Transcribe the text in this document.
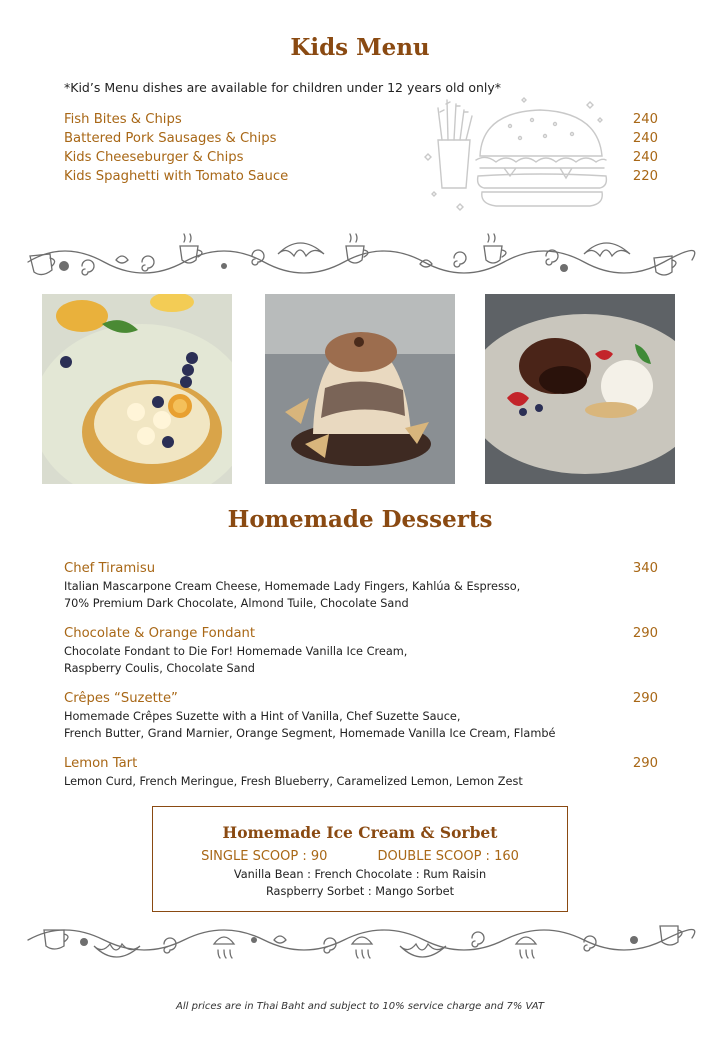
Kids Menu
*Kid’s Menu dishes are available for children under 12 years old only*
Fish Bites & Chips	240
Battered Pork Sausages & Chips	240
Kids Cheeseburger & Chips	240
Kids Spaghetti with Tomato Sauce	220
Homemade Desserts
Chef Tiramisu	340
Italian Mascarpone Cream Cheese, Homemade Lady Fingers, Kahlúa & Espresso,
70% Premium Dark Chocolate, Almond Tuile, Chocolate Sand
Chocolate & Orange Fondant	290
Chocolate Fondant to Die For! Homemade Vanilla Ice Cream,
Raspberry Coulis, Chocolate Sand
Crêpes “Suzette”	290
Homemade Crêpes Suzette with a Hint of Vanilla, Chef Suzette Sauce,
French Butter, Grand Marnier, Orange Segment, Homemade Vanilla Ice Cream, Flambé
Lemon Tart	290
Lemon Curd, French Meringue, Fresh Blueberry, Caramelized Lemon, Lemon Zest
Homemade Ice Cream & Sorbet
SINGLE SCOOP : 90	DOUBLE SCOOP : 160
Vanilla Bean : French Chocolate : Rum Raisin
Raspberry Sorbet : Mango Sorbet
All prices are in Thai Baht and subject to 10% service charge and 7% VAT
